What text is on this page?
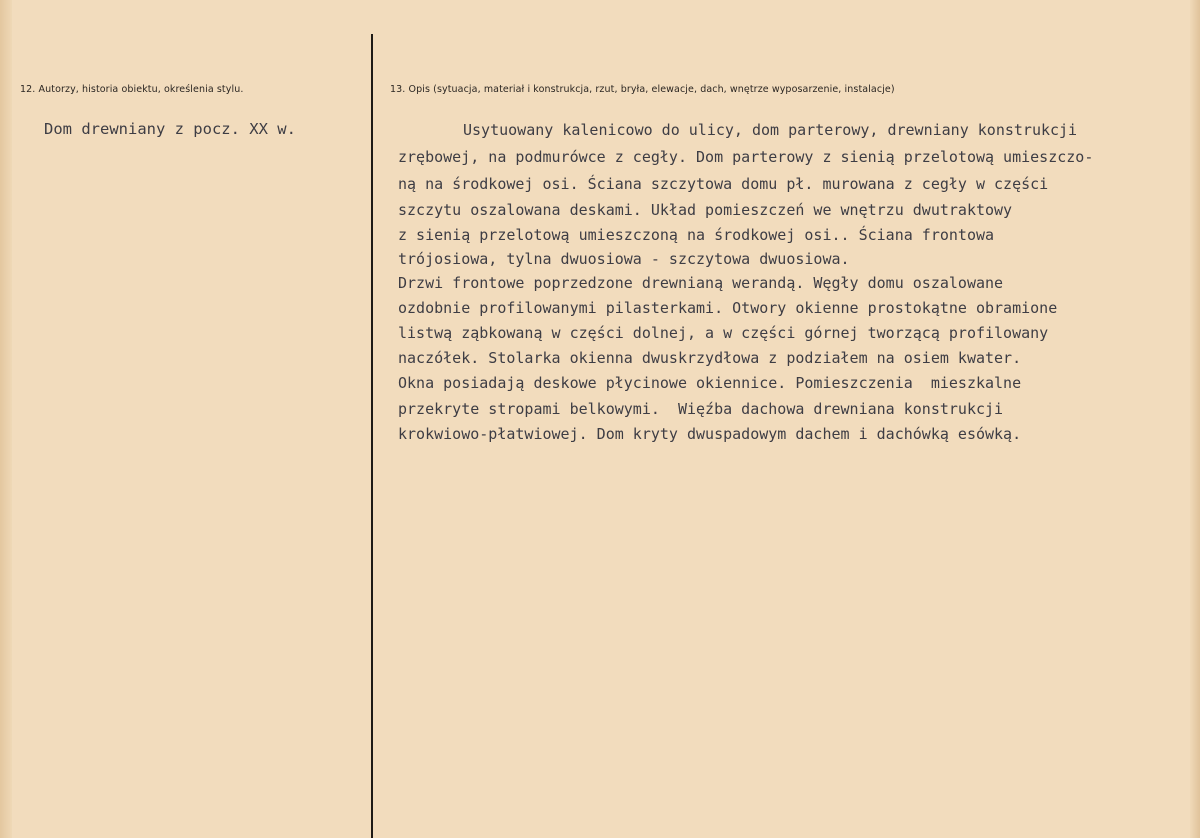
12. Autorzy, historia obiektu, określenia stylu.
Dom drewniany z pocz. XX w.
13. Opis (sytuacja, materiał i konstrukcja, rzut, bryła, elewacje, dach, wnętrze wyposarzenie, instalacje)

Usytuowany kalenicowo do ulicy, dom parterowy, drewniany konstrukcji

zrębowej, na podmurówce z cegły. Dom parterowy z sienią przelotową umieszczo-

ną na środkowej osi. Ściana szczytowa domu pł. murowana z cegły w części

szczytu oszalowana deskami. Układ pomieszczeń we wnętrzu dwutraktowy

z sienią przelotową umieszczoną na środkowej osi.. Ściana frontowa

trójosiowa, tylna dwuosiowa - szczytowa dwuosiowa.

Drzwi frontowe poprzedzone drewnianą werandą. Węgły domu oszalowane

ozdobnie profilowanymi pilasterkami. Otwory okienne prostokątne obramione

listwą ząbkowaną w części dolnej, a w części górnej tworzącą profilowany

naczółek. Stolarka okienna dwuskrzydłowa z podziałem na osiem kwater.

Okna posiadają deskowe płycinowe okiennice. Pomieszczenia  mieszkalne

przekryte stropami belkowymi.  Więźba dachowa drewniana konstrukcji

krokwiowo-płatwiowej. Dom kryty dwuspadowym dachem i dachówką esówką.
